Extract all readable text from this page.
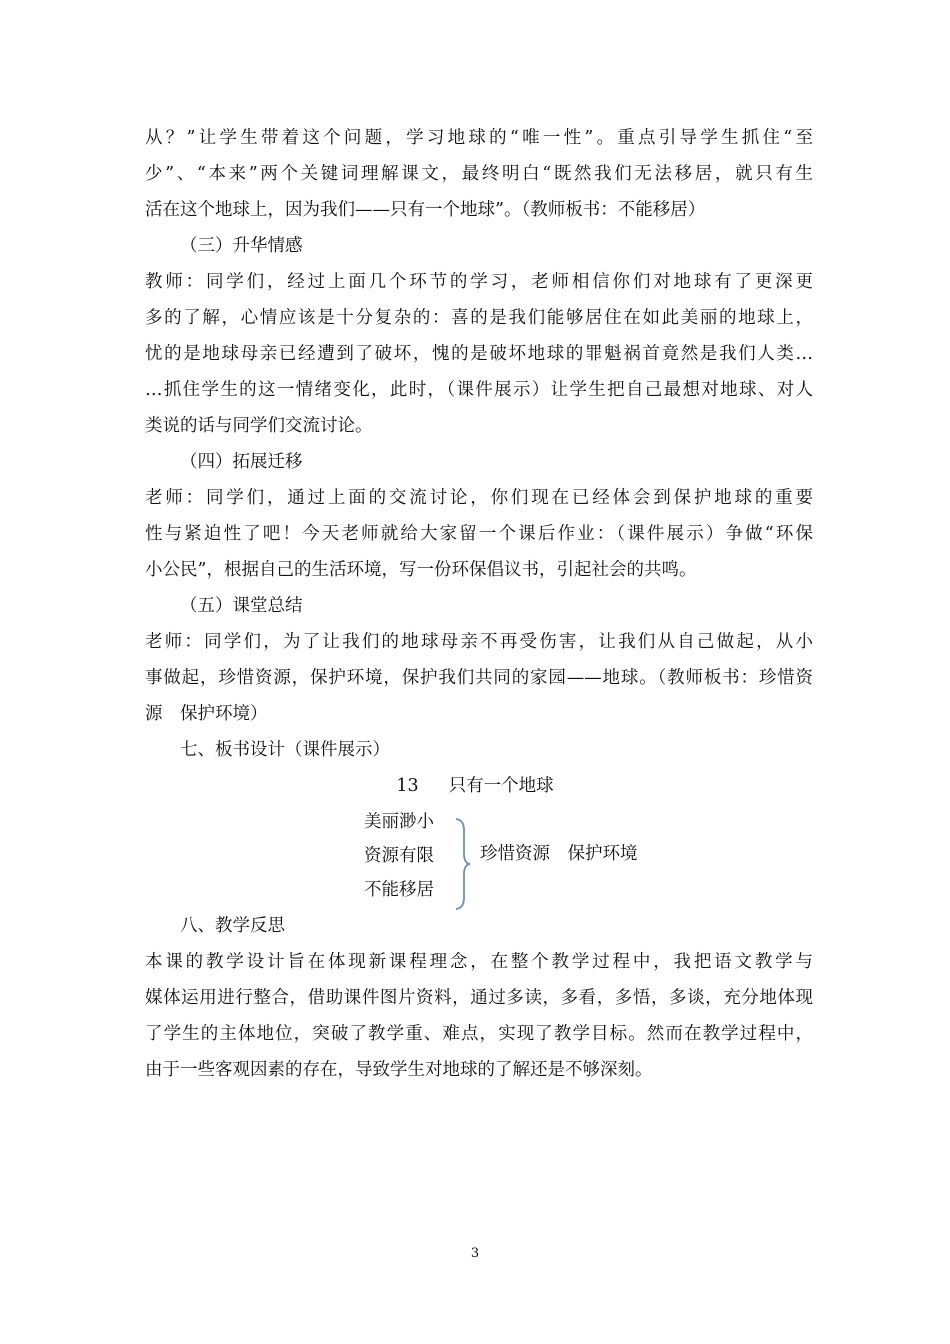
从？”让学生带着这个问题，学习地球的“唯一性”。重点引导学生抓住“至
少”、“本来”两个关键词理解课文，最终明白“既然我们无法移居，就只有生
活在这个地球上，因为我们——只有一个地球”。（教师板书：不能移居）
（三）升华情感
教师：同学们，经过上面几个环节的学习，老师相信你们对地球有了更深更
多的了解，心情应该是十分复杂的：喜的是我们能够居住在如此美丽的地球上，
忧的是地球母亲已经遭到了破坏，愧的是破坏地球的罪魁祸首竟然是我们人类…
…抓住学生的这一情绪变化，此时，（课件展示）让学生把自己最想对地球、对人
类说的话与同学们交流讨论。
（四）拓展迁移
老师：同学们，通过上面的交流讨论，你们现在已经体会到保护地球的重要
性与紧迫性了吧！今天老师就给大家留一个课后作业：（课件展示）争做“环保
小公民”，根据自己的生活环境，写一份环保倡议书，引起社会的共鸣。
（五）课堂总结
老师：同学们，为了让我们的地球母亲不再受伤害，让我们从自己做起，从小
事做起，珍惜资源，保护环境，保护我们共同的家园——地球。（教师板书：珍惜资
源　保护环境）
七、板书设计（课件展示）
13 只有一个地球
美丽渺小
资源有限
不能移居
珍惜资源　保护环境
八、教学反思
本课的教学设计旨在体现新课程理念，在整个教学过程中，我把语文教学与
媒体运用进行整合，借助课件图片资料，通过多读，多看，多悟，多谈，充分地体现
了学生的主体地位，突破了教学重、难点，实现了教学目标。然而在教学过程中，
由于一些客观因素的存在，导致学生对地球的了解还是不够深刻。
3
